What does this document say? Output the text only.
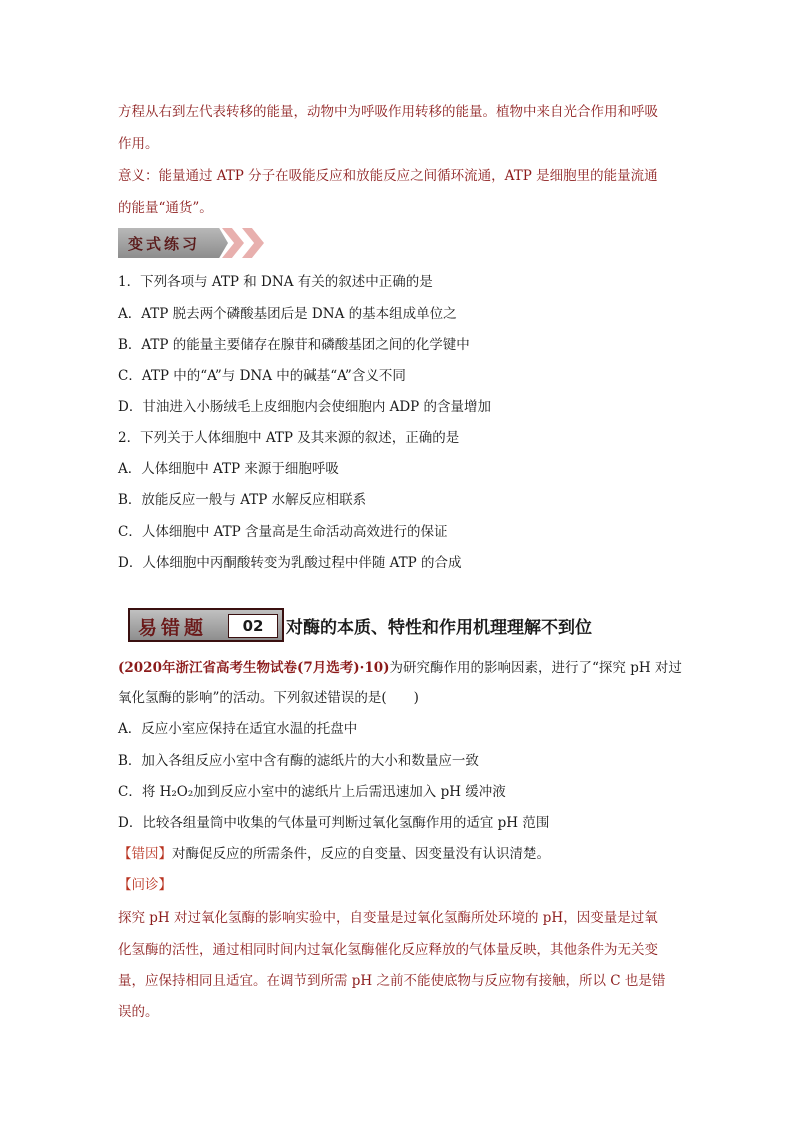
方程从右到左代表转移的能量，动物中为呼吸作用转移的能量。植物中来自光合作用和呼吸
作用。
意义：能量通过 ATP 分子在吸能反应和放能反应之间循环流通，ATP 是细胞里的能量流通
的能量“通货”。
变式练习
1．下列各项与 ATP 和 DNA 有关的叙述中正确的是
A．ATP 脱去两个磷酸基团后是 DNA 的基本组成单位之
B．ATP 的能量主要储存在腺苷和磷酸基团之间的化学键中
C．ATP 中的“A”与 DNA 中的碱基“A”含义不同
D．甘油进入小肠绒毛上皮细胞内会使细胞内 ADP 的含量增加
2．下列关于人体细胞中 ATP 及其来源的叙述，正确的是
A．人体细胞中 ATP 来源于细胞呼吸
B．放能反应一般与 ATP 水解反应相联系
C．人体细胞中 ATP 含量高是生命活动高效进行的保证
D．人体细胞中丙酮酸转变为乳酸过程中伴随 ATP 的合成
易错题	02	对酶的本质、特性和作用机理理解不到位
(2020年浙江省高考生物试卷(7月选考)·10)为研究酶作用的影响因素，进行了“探究 pH 对过
氧化氢酶的影响”的活动。下列叙述错误的是(　　)
A．反应小室应保持在适宜水温的托盘中
B．加入各组反应小室中含有酶的滤纸片的大小和数量应一致
C．将 H₂O₂加到反应小室中的滤纸片上后需迅速加入 pH 缓冲液
D．比较各组量筒中收集的气体量可判断过氧化氢酶作用的适宜 pH 范围
【错因】对酶促反应的所需条件，反应的自变量、因变量没有认识清楚。
【问诊】
探究 pH 对过氧化氢酶的影响实验中，自变量是过氧化氢酶所处环境的 pH，因变量是过氧
化氢酶的活性，通过相同时间内过氧化氢酶催化反应释放的气体量反映，其他条件为无关变
量，应保持相同且适宜。在调节到所需 pH 之前不能使底物与反应物有接触，所以 C 也是错
误的。
